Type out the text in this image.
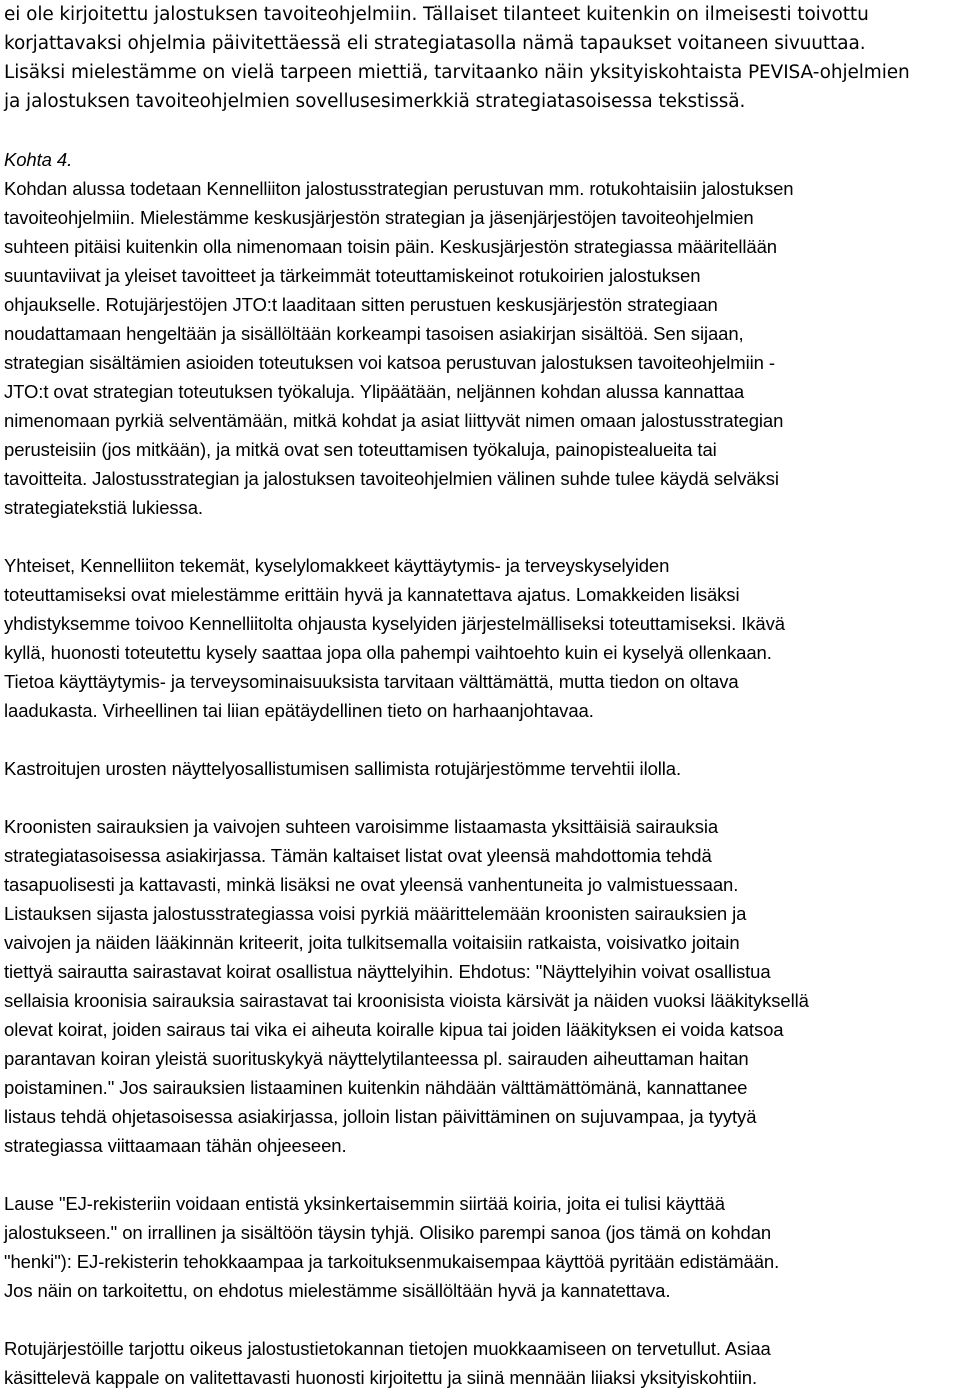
ei ole kirjoitettu jalostuksen tavoiteohjelmiin. Tällaiset tilanteet kuitenkin on ilmeisesti toivottu
korjattavaksi ohjelmia päivitettäessä eli strategiatasolla nämä tapaukset voitaneen sivuuttaa.
Lisäksi mielestämme on vielä tarpeen miettiä, tarvitaanko näin yksityiskohtaista PEVISA-ohjelmien
ja jalostuksen tavoiteohjelmien sovellusesimerkkiä strategiatasoisessa tekstissä.
Kohta 4.
Kohdan alussa todetaan Kennelliiton jalostusstrategian perustuvan mm. rotukohtaisiin jalostuksen
tavoiteohjelmiin. Mielestämme keskusjärjestön strategian ja jäsenjärjestöjen tavoiteohjelmien
suhteen pitäisi kuitenkin olla nimenomaan toisin päin. Keskusjärjestön strategiassa määritellään
suuntaviivat ja yleiset tavoitteet ja tärkeimmät toteuttamiskeinot rotukoirien jalostuksen
ohjaukselle. Rotujärjestöjen JTO:t laaditaan sitten perustuen keskusjärjestön strategiaan
noudattamaan hengeltään ja sisällöltään korkeampi tasoisen asiakirjan sisältöä. Sen sijaan,
strategian sisältämien asioiden toteutuksen voi katsoa perustuvan jalostuksen tavoiteohjelmiin -
JTO:t ovat strategian toteutuksen työkaluja. Ylipäätään, neljännen kohdan alussa kannattaa
nimenomaan pyrkiä selventämään, mitkä kohdat ja asiat liittyvät nimen omaan jalostusstrategian
perusteisiin (jos mitkään), ja mitkä ovat sen toteuttamisen työkaluja, painopistealueita tai
tavoitteita. Jalostusstrategian ja jalostuksen tavoiteohjelmien välinen suhde tulee käydä selväksi
strategiatekstiä lukiessa.
Yhteiset, Kennelliiton tekemät, kyselylomakkeet käyttäytymis- ja terveyskyselyiden
toteuttamiseksi ovat mielestämme erittäin hyvä ja kannatettava ajatus. Lomakkeiden lisäksi
yhdistyksemme toivoo Kennelliitolta ohjausta kyselyiden järjestelmälliseksi toteuttamiseksi. Ikävä
kyllä, huonosti toteutettu kysely saattaa jopa olla pahempi vaihtoehto kuin ei kyselyä ollenkaan.
Tietoa käyttäytymis- ja terveysominaisuuksista tarvitaan välttämättä, mutta tiedon on oltava
laadukasta. Virheellinen tai liian epätäydellinen tieto on harhaanjohtavaa.
Kastroitujen urosten näyttelyosallistumisen sallimista rotujärjestömme tervehtii ilolla.
Kroonisten sairauksien ja vaivojen suhteen varoisimme listaamasta yksittäisiä sairauksia
strategiatasoisessa asiakirjassa. Tämän kaltaiset listat ovat yleensä mahdottomia tehdä
tasapuolisesti ja kattavasti, minkä lisäksi ne ovat yleensä vanhentuneita jo valmistuessaan.
Listauksen sijasta jalostusstrategiassa voisi pyrkiä määrittelemään kroonisten sairauksien ja
vaivojen ja näiden lääkinnän kriteerit, joita tulkitsemalla voitaisiin ratkaista, voisivatko joitain
tiettyä sairautta sairastavat koirat osallistua näyttelyihin. Ehdotus: "Näyttelyihin voivat osallistua
sellaisia kroonisia sairauksia sairastavat tai kroonisista vioista kärsivät ja näiden vuoksi lääkityksellä
olevat koirat, joiden sairaus tai vika ei aiheuta koiralle kipua tai joiden lääkityksen ei voida katsoa
parantavan koiran yleistä suorituskykyä näyttelytilanteessa pl. sairauden aiheuttaman haitan
poistaminen." Jos sairauksien listaaminen kuitenkin nähdään välttämättömänä, kannattanee
listaus tehdä ohjetasoisessa asiakirjassa, jolloin listan päivittäminen on sujuvampaa, ja tyytyä
strategiassa viittaamaan tähän ohjeeseen.
Lause "EJ-rekisteriin voidaan entistä yksinkertaisemmin siirtää koiria, joita ei tulisi käyttää
jalostukseen." on irrallinen ja sisältöön täysin tyhjä. Olisiko parempi sanoa (jos tämä on kohdan
"henki"): EJ-rekisterin tehokkaampaa ja tarkoituksenmukaisempaa käyttöä pyritään edistämään.
Jos näin on tarkoitettu, on ehdotus mielestämme sisällöltään hyvä ja kannatettava.
Rotujärjestöille tarjottu oikeus jalostustietokannan tietojen muokkaamiseen on tervetullut. Asiaa
käsittelevä kappale on valitettavasti huonosti kirjoitettu ja siinä mennään liiaksi yksityiskohtiin.
